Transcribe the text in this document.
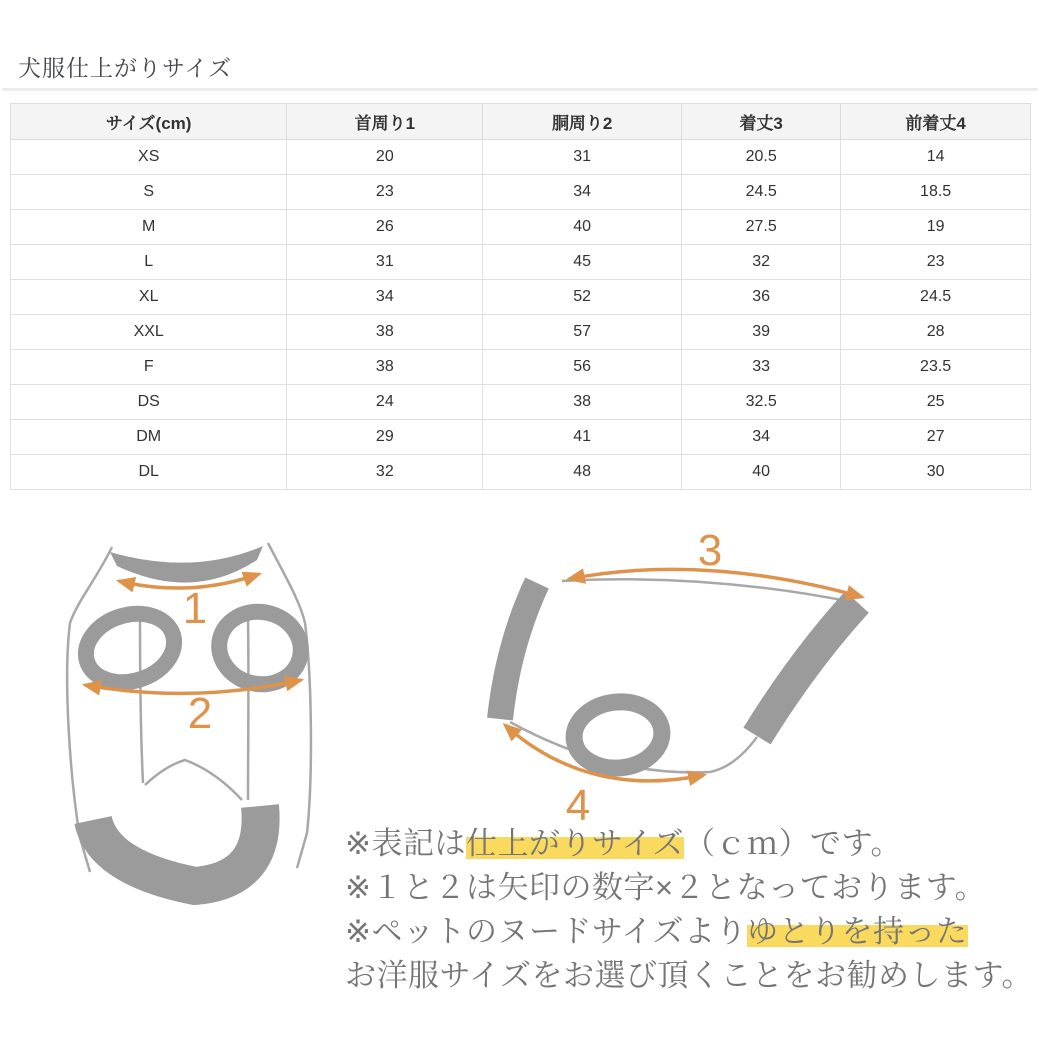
犬服仕上がりサイズ
サイズ(cm)	首周り1	胴周り2	着丈3	前着丈4
XS	20	31	20.5	14
S	23	34	24.5	18.5
M	26	40	27.5	19
L	31	45	32	23
XL	34	52	36	24.5
XXL	38	57	39	28
F	38	56	33	23.5
DS	24	38	32.5	25
DM	29	41	34	27
DL	32	48	40	30
1
2
3
4
※表記は仕上がりサイズ（ｃｍ）です。
※１と２は矢印の数字×２となっております。
※ペットのヌードサイズよりゆとりを持った
お洋服サイズをお選び頂くことをお勧めします。
